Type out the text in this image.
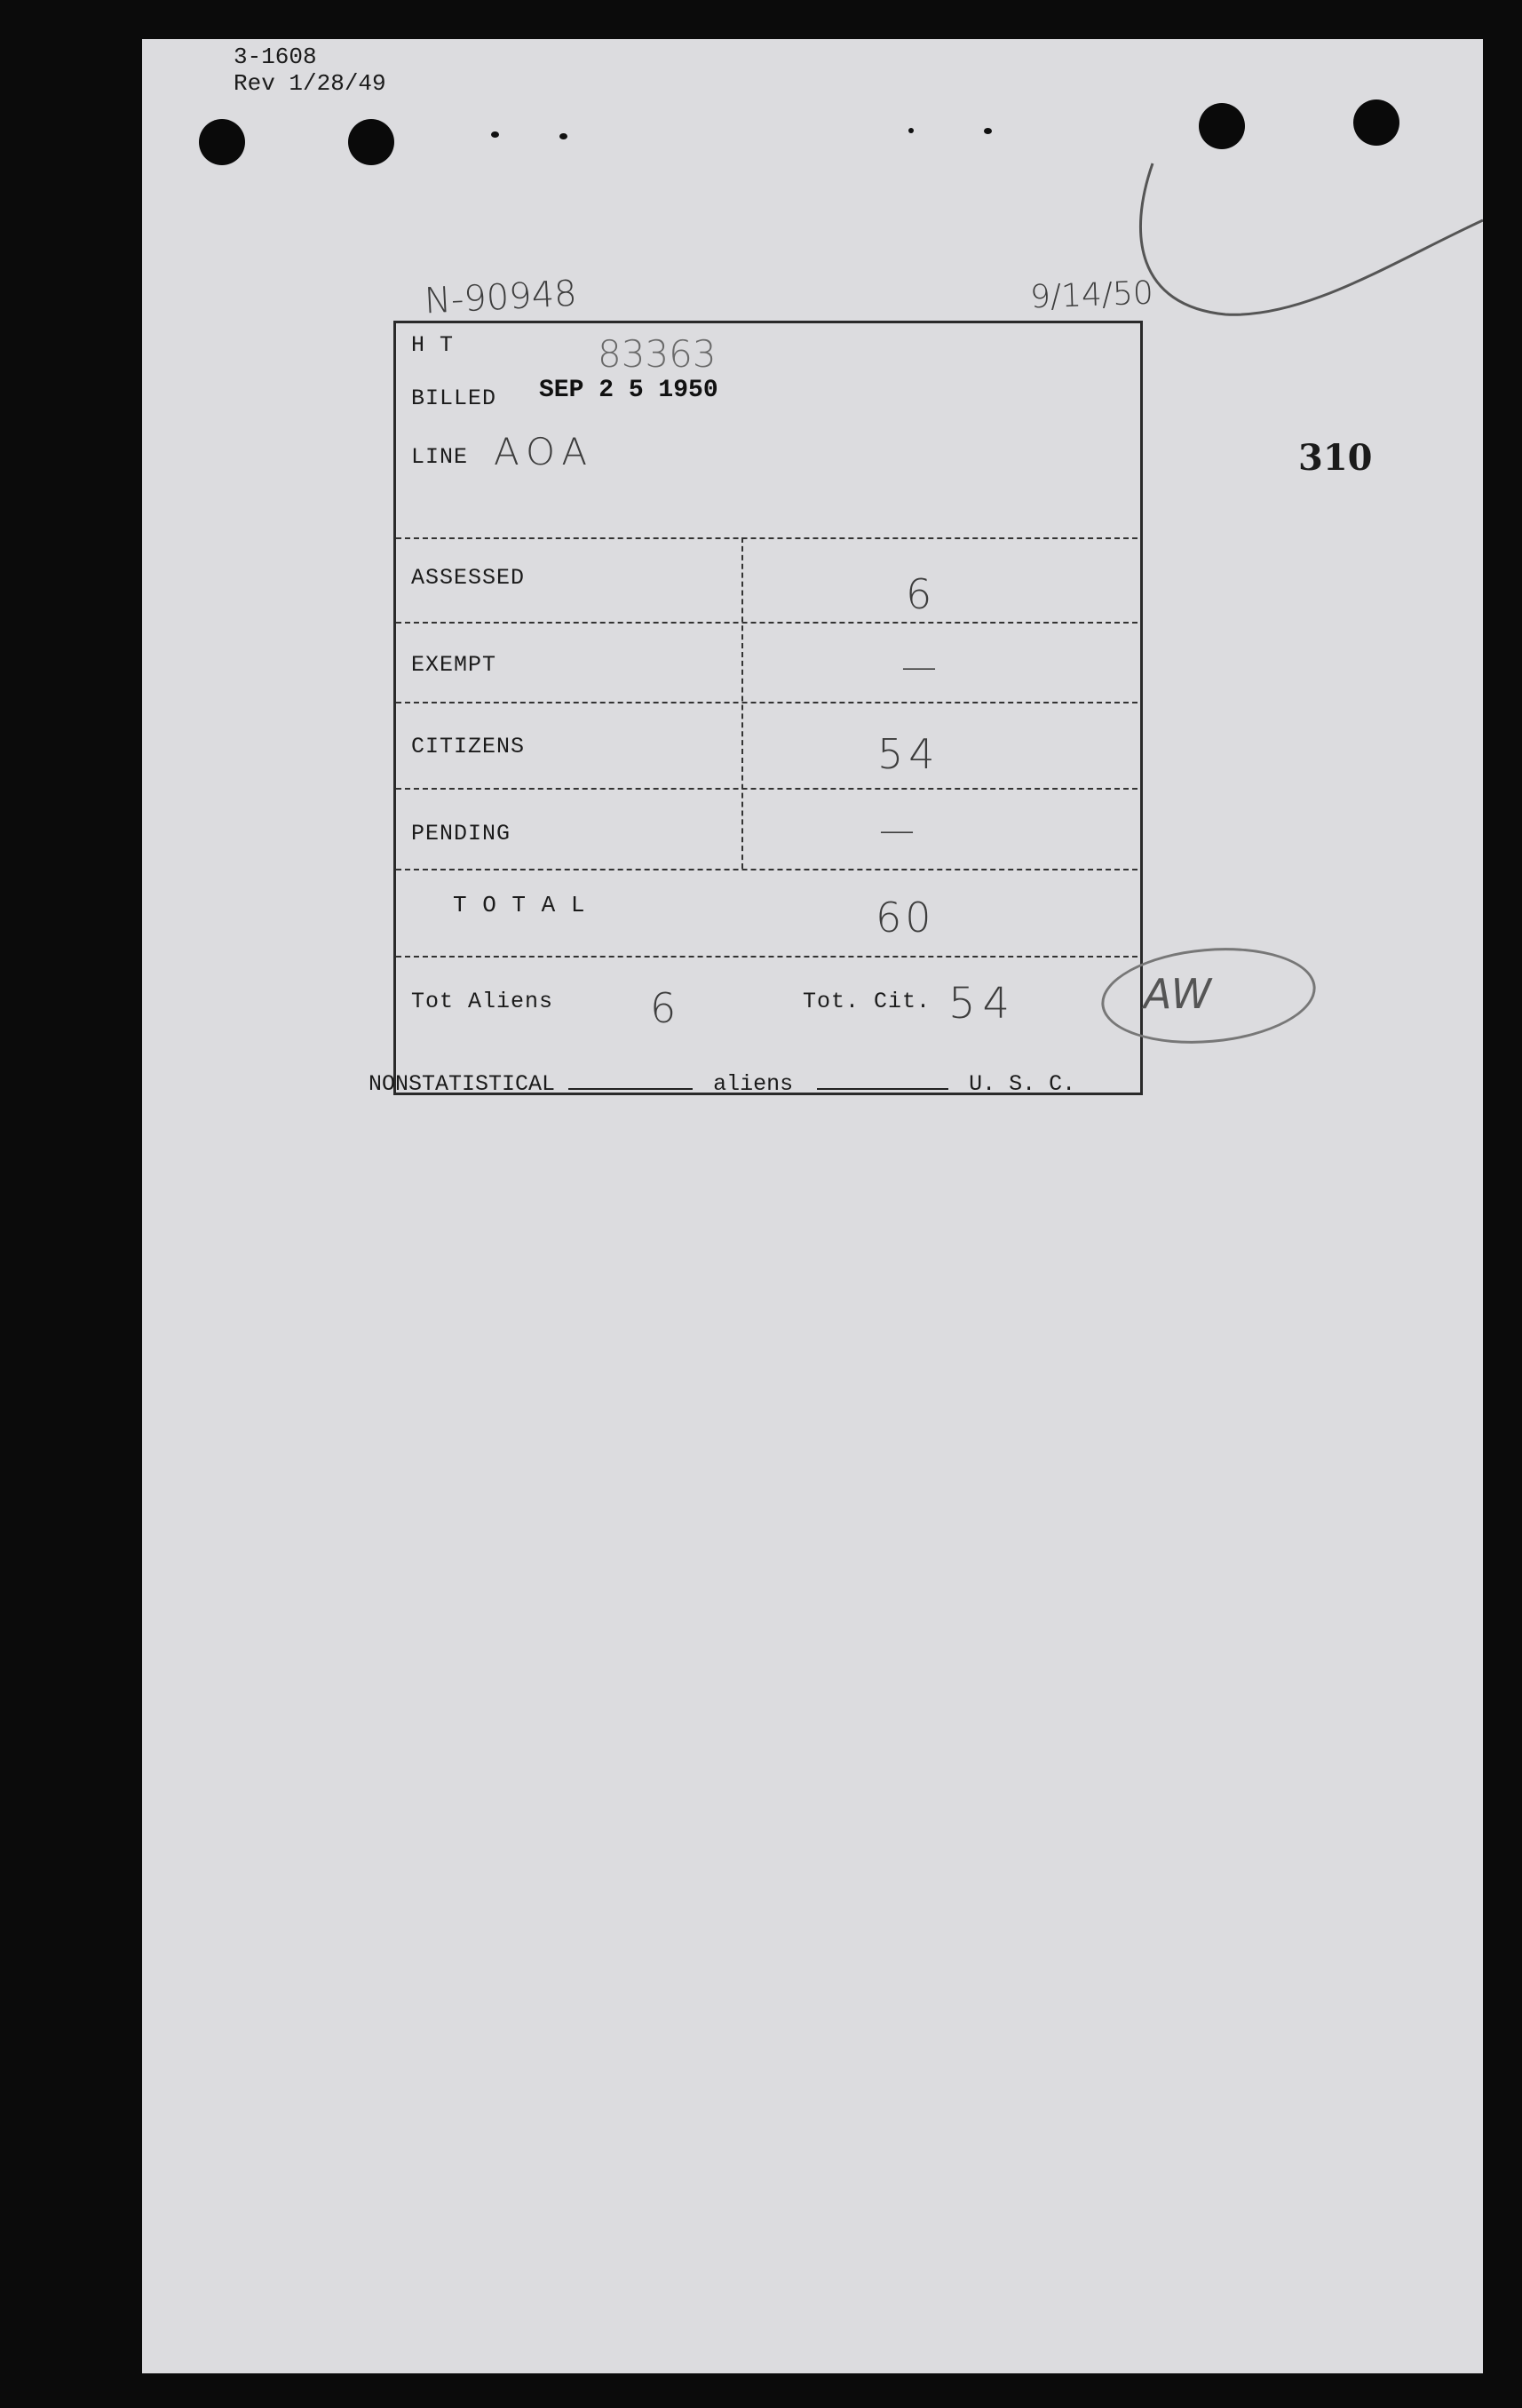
3-1608
Rev 1/28/49
N-90948	9/14/50
310
H T	83363
BILLED SEP 2 5 1950
LINE AOA
ASSESSED	6
EXEMPT	—
CITIZENS	54
PENDING	—
T O T A L	60
Tot Aliens 6	Tot. Cit. 54	AW
NONSTATISTICAL	aliens	U. S. C.
